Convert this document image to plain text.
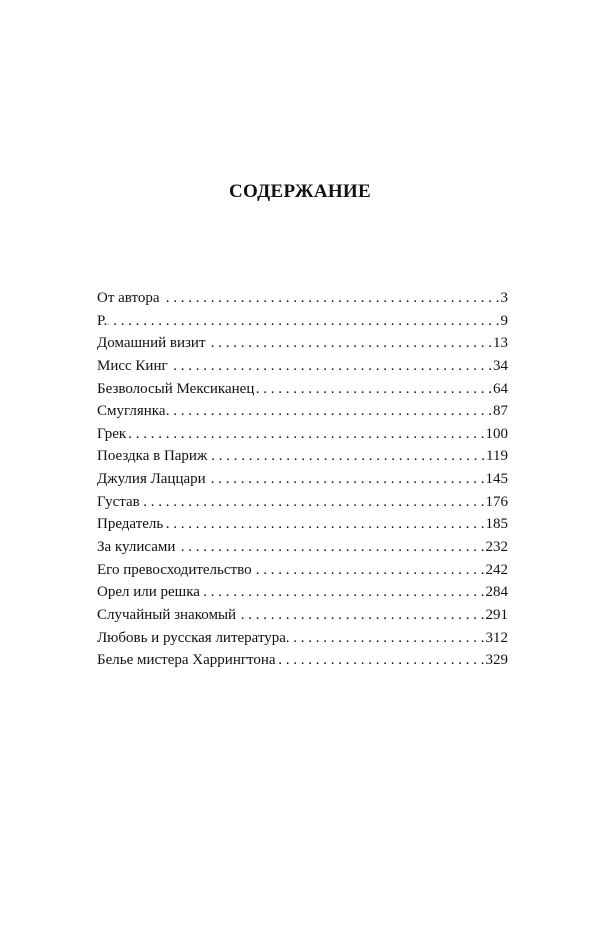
СОДЕРЖАНИЕ
От автора . . .	3
Р. . . .	9
Домашний визит . . .	13
Мисс Кинг . . .	34
Безволосый Мексиканец . . .	64
Смуглянка . . .	87
Грек . . .	100
Поездка в Париж . . .	119
Джулия Лаццари . . .	145
Густав . . .	176
Предатель . . .	185
За кулисами . . .	232
Его превосходительство . . .	242
Орел или решка . . .	284
Случайный знакомый . . .	291
Любовь и русская литература . . .	312
Белье мистера Харрингтона . . .	329
